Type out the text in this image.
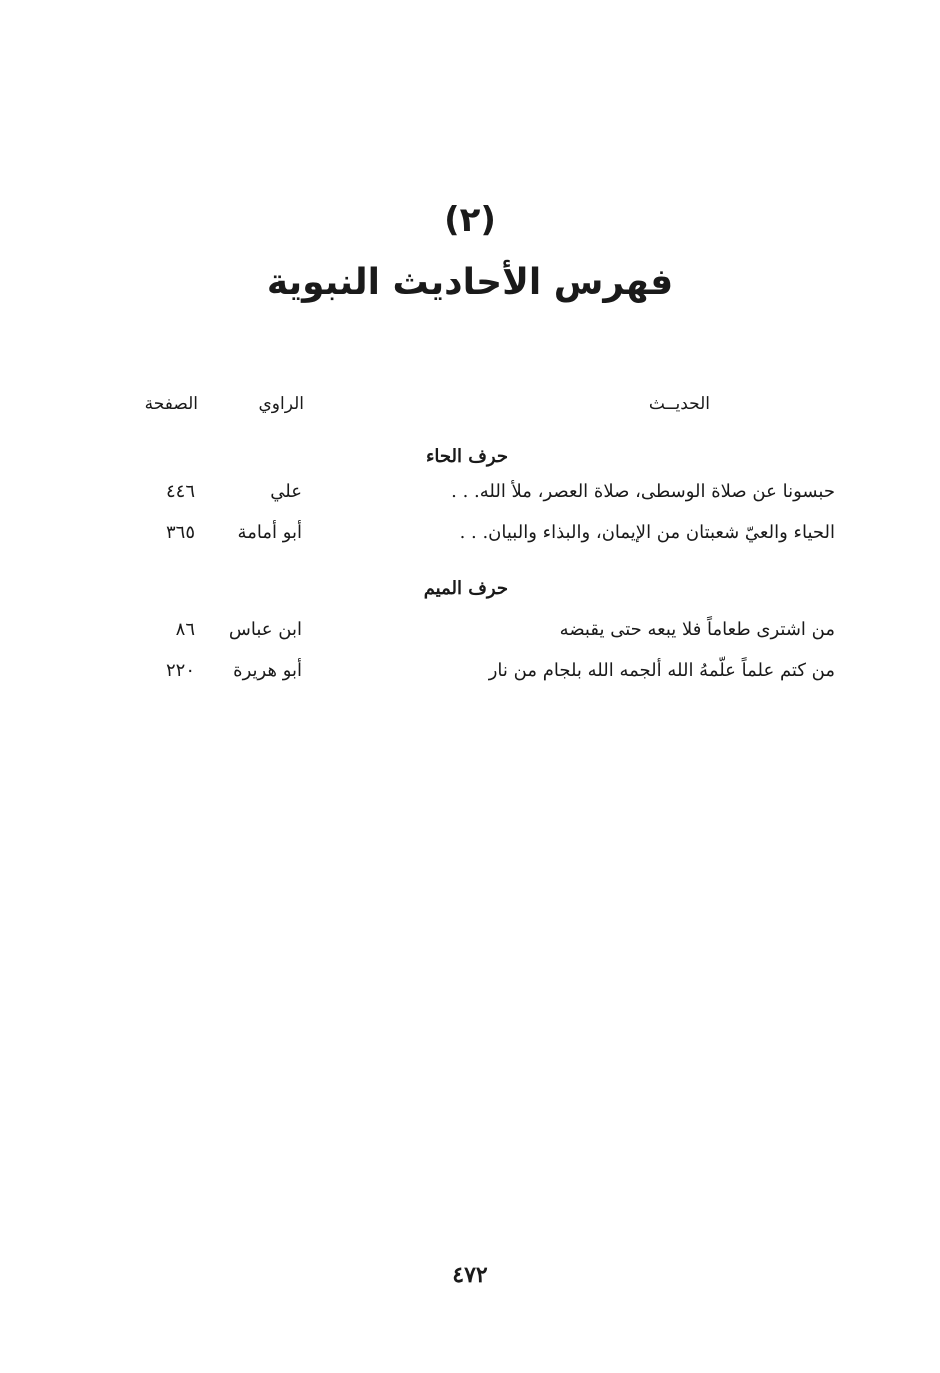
(٢)
فهرس الأحاديث النبوية
الحديــث
الراوي
الصفحة
حرف الحاء
حبسونا عن صلاة الوسطى، صلاة العصر، ملأ الله. . .
علي
٤٤٦
الحياء والعيّ شعبتان من الإيمان، والبذاء والبيان. . .
أبو أمامة
٣٦٥
حرف الميم
من اشترى طعاماً فلا يبعه حتى يقبضه
ابن عباس
٨٦
من كتم علماً علّمهُ الله ألجمه الله بلجام من نار
أبو هريرة
٢٢٠
٤٧٢
